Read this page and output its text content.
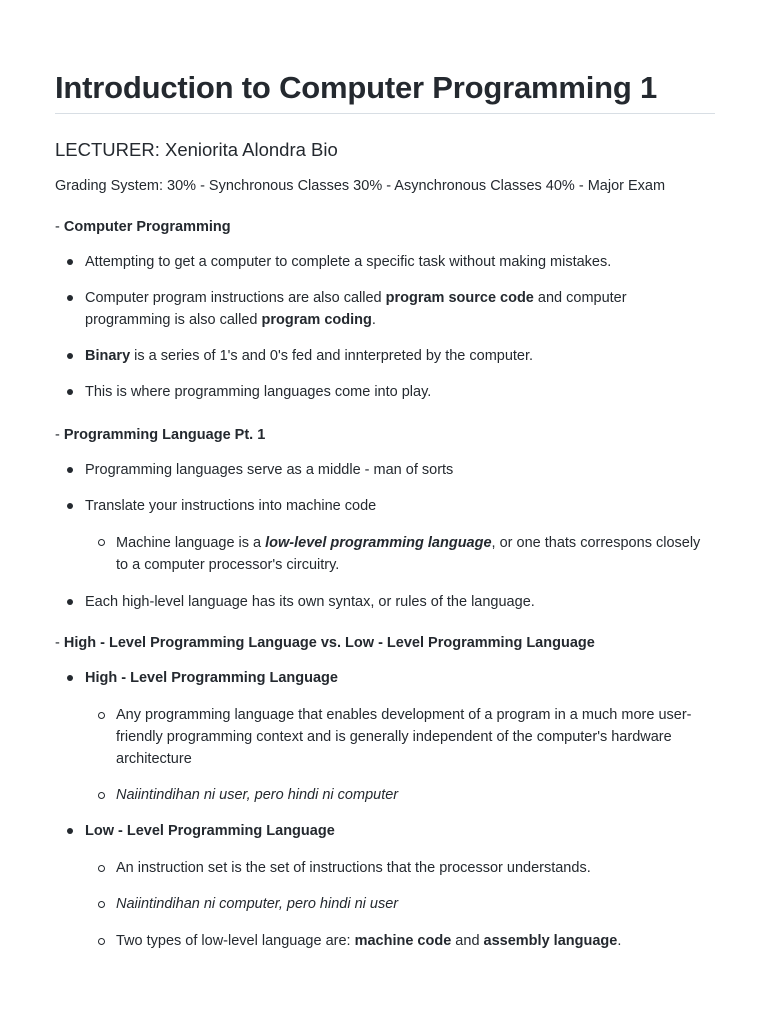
Introduction to Computer Programming 1
LECTURER: Xeniorita Alondra Bio
Grading System: 30% - Synchronous Classes 30% - Asynchronous Classes 40% - Major Exam
- Computer Programming
Attempting to get a computer to complete a specific task without making mistakes.
Computer program instructions are also called program source code and computer programming is also called program coding.
Binary is a series of 1's and 0's fed and innterpreted by the computer.
This is where programming languages come into play.
- Programming Language Pt. 1
Programming languages serve as a middle - man of sorts
Translate your instructions into machine code
Machine language is a low-level programming language, or one thats correspons closely to a computer processor's circuitry.
Each high-level language has its own syntax, or rules of the language.
- High - Level Programming Language vs. Low - Level Programming Language
High - Level Programming Language
Any programming language that enables development of a program in a much more user-friendly programming context and is generally independent of the computer's hardware architecture
Naiintindihan ni user, pero hindi ni computer
Low - Level Programming Language
An instruction set is the set of instructions that the processor understands.
Naiintindihan ni computer, pero hindi ni user
Two types of low-level language are: machine code and assembly language.
